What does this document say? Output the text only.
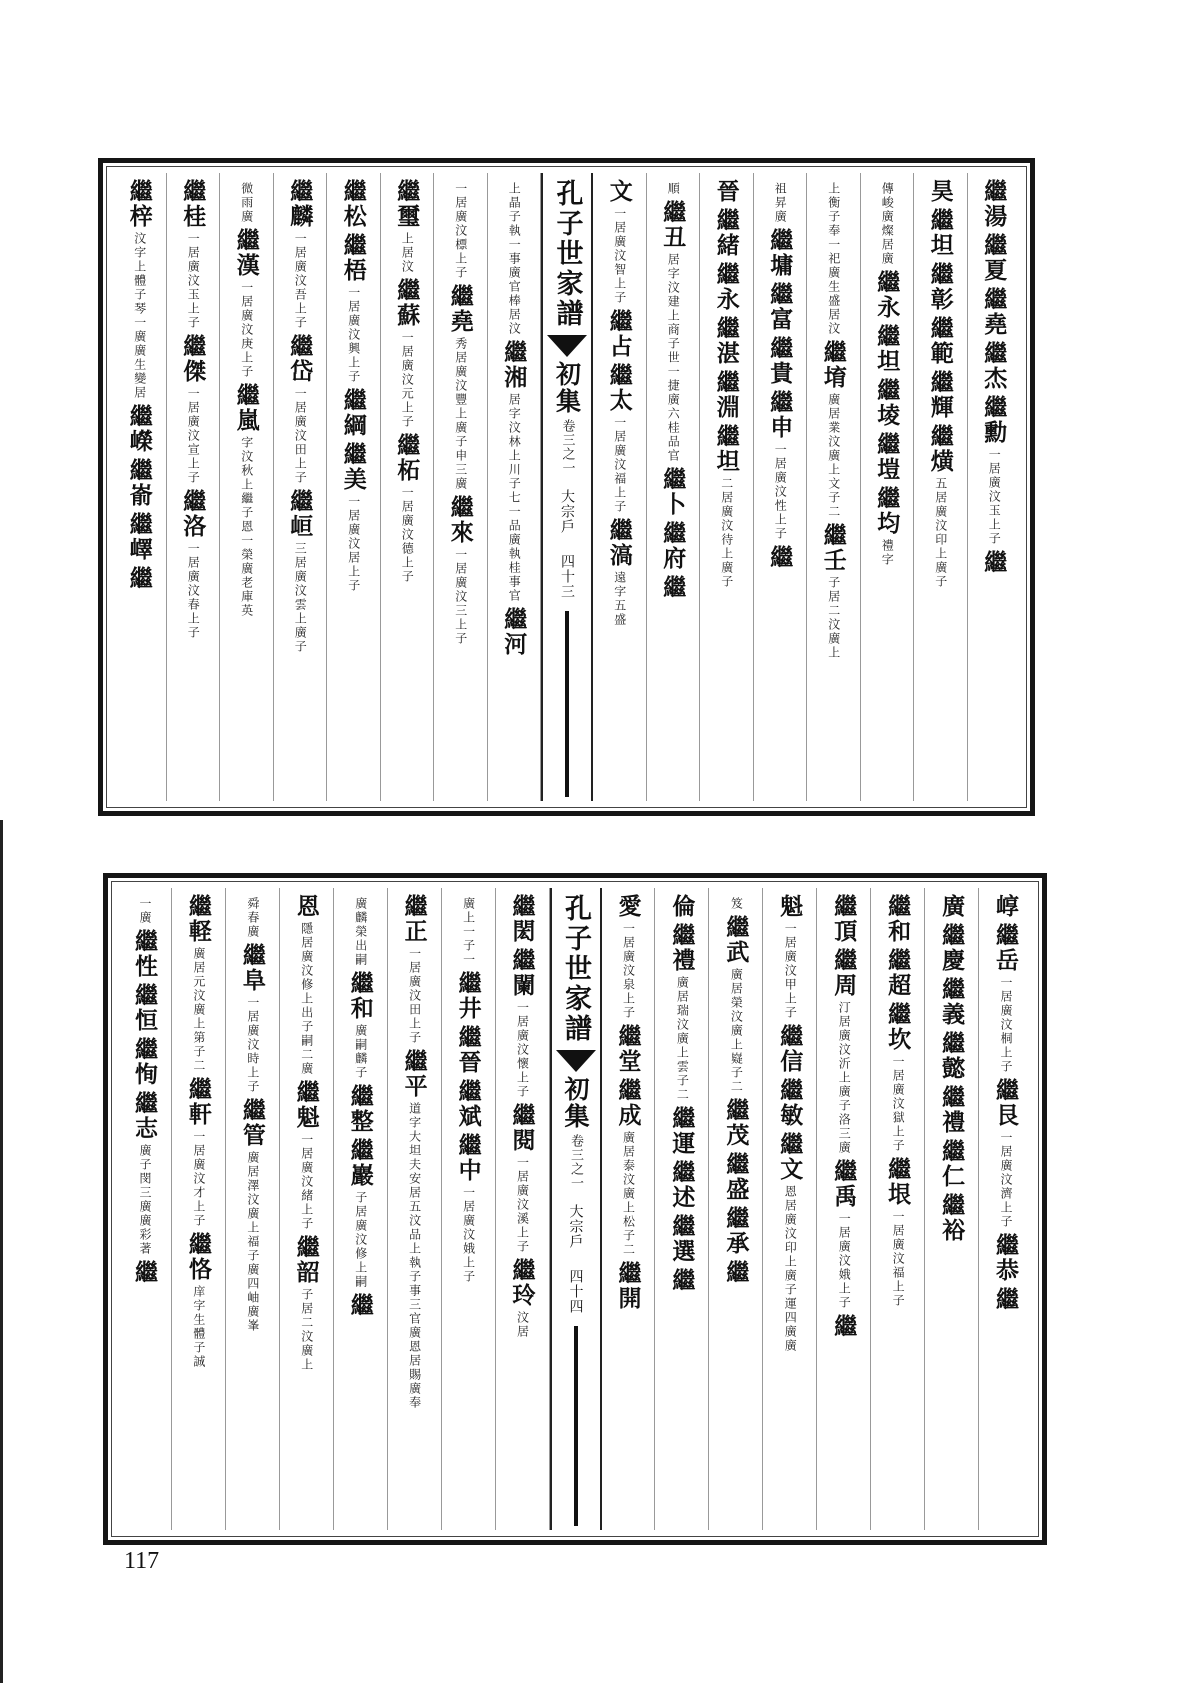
繼湯
繼夏
繼堯
繼杰
繼勳
一居廣汶玉上子
繼
昊
繼坦
繼彰
繼範
繼輝
繼熿
五居廣汶印上廣子
傳峻廣燦居廣
繼永
繼坦
繼堎
繼塏
繼均
禮字
上衡子奉一祀廣生盛居汶
繼堉
廣居業汶廣上文子二
繼壬
子居二汶廣上
祖昇廣
繼墉
繼富
繼貴
繼申
一居廣汶性上子
繼
晉
繼緒
繼永
繼湛
繼淵
繼坦
二居廣汶待上廣子
順
繼丑
居字汶建上商子世一捷廣六桂品官
繼卜
繼府
繼
文
一居廣汶智上子
繼占
繼太
一居廣汶福上子
繼滈
遠字五盛
孔子世家譜
初集
卷三之一
大宗戶
四十三
上晶子執一事廣官棒居汶
繼湘
居字汶林上川子七一品廣執桂事官
繼河
一居廣汶標上子
繼堯
秀居廣汶豐上廣子申三廣
繼來
一居廣汶三上子
繼璽
上居汶
繼蘇
一居廣汶元上子
繼柘
一居廣汶德上子
繼松
繼梧
一居廣汶興上子
繼綱
繼美
一居廣汶居上子
繼麟
一居廣汶吾上子
繼岱
一居廣汶田上子
繼峘
三居廣汶雲上廣子
微雨廣
繼漢
一居廣汶庚上子
繼嵐
字汶秋上繼子恩一榮廣老庫英
繼桂
一居廣汶玉上子
繼傑
一居廣汶宣上子
繼洛
一居廣汶春上子
繼梓
汶字上體子琴一廣廣生變居
繼嶸
繼嵛
繼嶧
繼
崞
繼岳
一居廣汶桐上子
繼艮
一居廣汶濟上子
繼恭
繼
廣
繼慶
繼義
繼懿
繼禮
繼仁
繼裕
繼和
繼超
繼坎
一居廣汶獄上子
繼垠
一居廣汶福上子
繼頂
繼周
汀居廣汶沂上廣子洛三廣
繼禹
一居廣汶娥上子
繼
魁
一居廣汶甲上子
繼信
繼敏
繼文
恩居廣汶印上廣子運四廣廣
笈
繼武
廣居榮汶廣上嶷子二
繼茂
繼盛
繼承
繼
倫
繼禮
廣居瑞汶廣上雲子二
繼運
繼述
繼選
繼
愛
一居廣汶泉上子
繼堂
繼成
廣居泰汶廣上松子二
繼開
孔子世家譜
初集
卷三之一
大宗戶
四十四
繼閎
繼闌
一居廣汶懷上子
繼閱
一居廣汶溪上子
繼玲
汶居
廣上一子一
繼井
繼晉
繼斌
繼中
一居廣汶娥上子
繼正
一居廣汶田上子
繼平
道字大坦夫安居五汶品上執子事三官廣恩居賜廣奉
廣麟榮出嗣
繼和
廣嗣麟子
繼整
繼巖
子居廣汶修上嗣
繼
恩
隱居廣汶修上出子嗣二廣
繼魁
一居廣汶緒上子
繼韶
子居二汶廣上
舜春廣
繼阜
一居廣汶時上子
繼管
廣居澤汶廣上福子廣四岫廣峯
繼軽
廣居元汶廣上第子二
繼軒
一居廣汶才上子
繼恪
庠字生體子誠
一廣
繼性
繼恒
繼恂
繼志
廣子閔三廣廣彩著
繼
117
